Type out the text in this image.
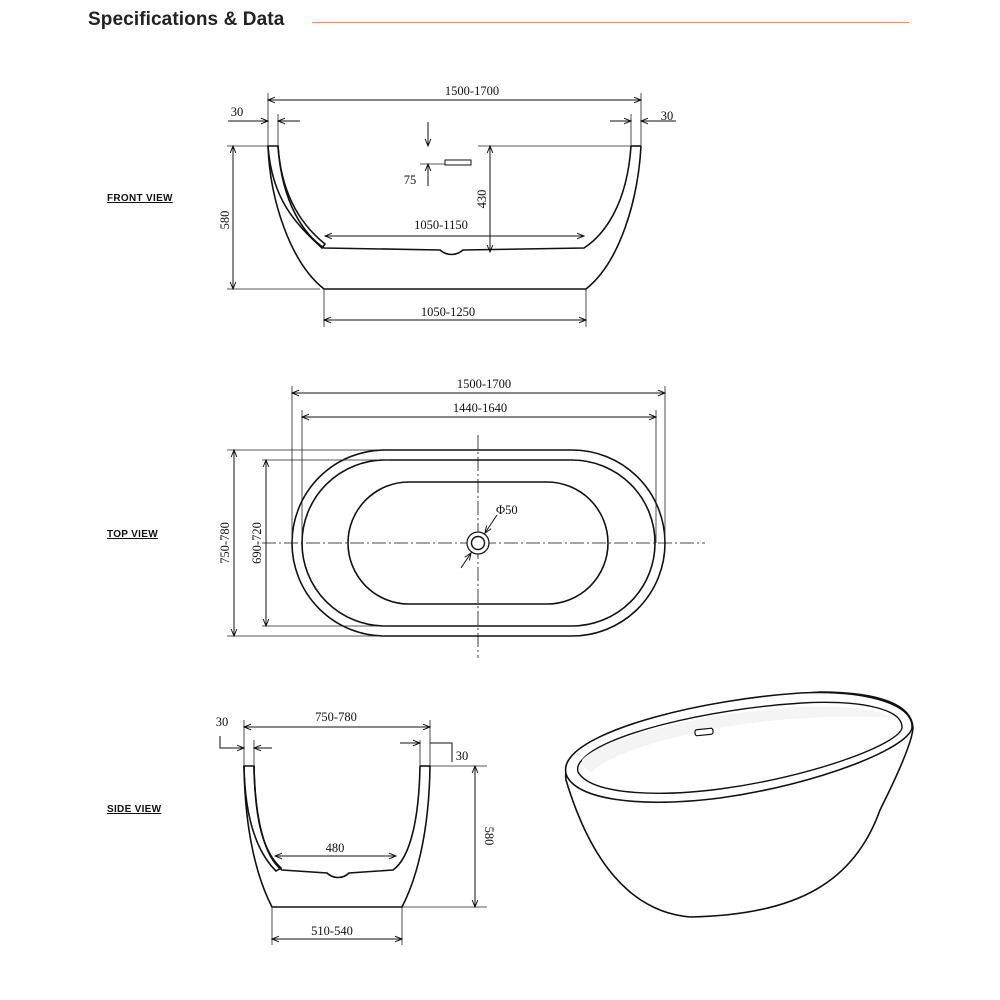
Specifications & Data
FRONT VIEW
1500-1700
30	30
580
75
430
1050-1150
1050-1250
TOP VIEW
Φ50
1500-1700
1440-1640
750-780 690-720
SIDE VIEW
750-780
30
30
580
480
510-540
